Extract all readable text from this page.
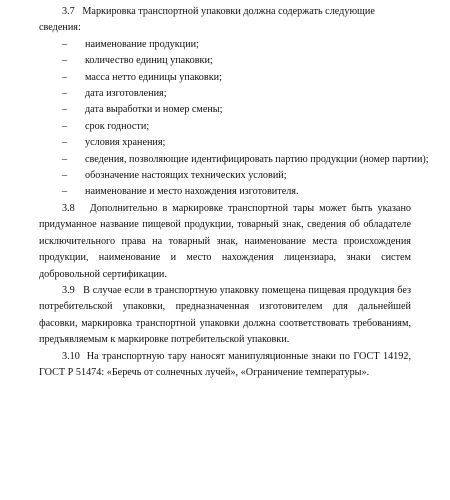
3.7 Маркировка транспортной упаковки должна содержать следующие сведения:

– наименование продукции;
– количество единиц упаковки;
– масса нетто единицы упаковки;
– дата изготовления;
– дата выработки и номер смены;
– срок годности;
– условия хранения;
– сведения, позволяющие идентифицировать партию продукции (номер партии);
– обозначение настоящих технических условий;
– наименование и место нахождения изготовителя.

3.8 Дополнительно в маркировке транспортной тары может быть указано придуманное название пищевой продукции, товарный знак, сведения об обладателе исключительного права на товарный знак, наименование места происхождения продукции, наименование и место нахождения лицензиара, знаки систем добровольной сертификации.

3.9 В случае если в транспортную упаковку помещена пищевая продукция без потребительской упаковки, предназначенная изготовителем для дальнейшей фасовки, маркировка транспортной упаковки должна соответствовать требованиям, предъявляемым к маркировке потребительской упаковки.

3.10 На транспортную тару наносят манипуляционные знаки по ГОСТ 14192, ГОСТ Р 51474: «Беречь от солнечных лучей», «Ограничение температуры».
